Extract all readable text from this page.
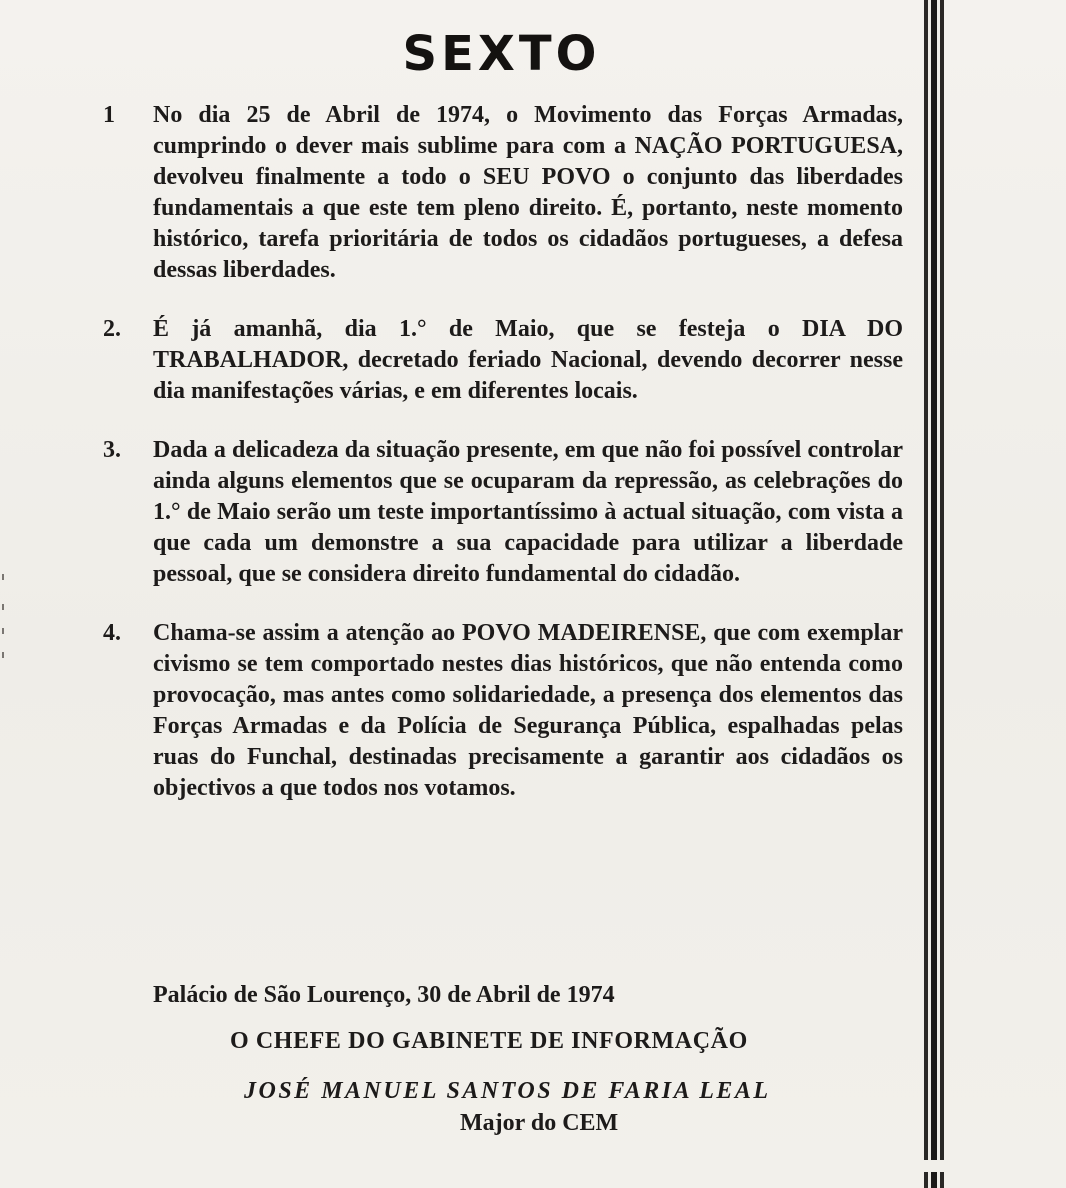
SEXTO
1	No dia 25 de Abril de 1974, o Movimento das Forças Armadas, cumprindo o dever mais sublime para com a NAÇÃO PORTUGUESA, devolveu finalmente a todo o SEU POVO o conjunto das liberdades fundamentais a que este tem pleno direito. É, portanto, neste momento histórico, tarefa prioritária de todos os cidadãos portugueses, a defesa dessas liberdades.
2.	É já amanhã, dia 1.° de Maio, que se festeja o DIA DO TRABALHADOR, decretado feriado Nacional, devendo decorrer nesse dia manifestações várias, e em diferentes locais.
3.	Dada a delicadeza da situação presente, em que não foi possível controlar ainda alguns elementos que se ocuparam da repressão, as celebrações do 1.° de Maio serão um teste importantíssimo à actual situação, com vista a que cada um demonstre a sua capacidade para utilizar a liberdade pessoal, que se considera direito fundamental do cidadão.
4.	Chama-se assim a atenção ao POVO MADEIRENSE, que com exemplar civismo se tem comportado nestes dias históricos, que não entenda como provocação, mas antes como solidariedade, a presença dos elementos das Forças Armadas e da Polícia de Segurança Pública, espalhadas pelas ruas do Funchal, destinadas precisamente a garantir aos cidadãos os objectivos a que todos nos votamos.
Palácio de São Lourenço, 30 de Abril de 1974
O CHEFE DO GABINETE DE INFORMAÇÃO
JOSÉ MANUEL SANTOS DE FARIA LEAL
Major do CEM
